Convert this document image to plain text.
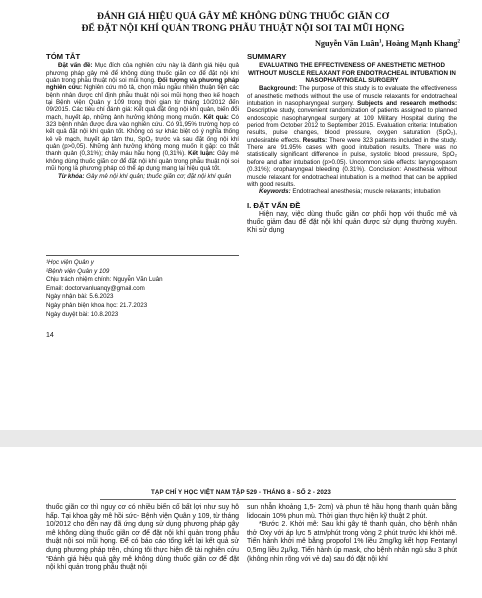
ĐÁNH GIÁ HIỆU QUẢ GÂY MÊ KHÔNG DÙNG THUỐC GIÃN CƠ

ĐỂ ĐẶT NỘI KHÍ QUẢN TRONG PHẪU THUẬT NỘI SOI TAI MŨI HỌNG

Nguyễn Văn Luân$^1$, Hoàng Mạnh Khang$^2$
TÓM TẮT

Đặt vấn đề: Mục đích của nghiên cứu này là đánh giá hiệu quả phương pháp gây mê để không dùng thuốc giãn cơ để đặt nội khí quản trong phẫu thuật nội soi mũi họng. Đối tượng và phương pháp nghiên cứu: Nghiên cứu mô tả, chọn mẫu ngẫu nhiên thuận tiện các bệnh nhân được chỉ định phẫu thuật nội soi mũi họng theo kế hoạch tại Bệnh viện Quân y 109 trong thời gian từ tháng 10/2012 đến 09/2015. Các tiêu chí đánh giá: Kết quả đặt ống nội khí quản, biến đổi mạch, huyết áp, những ảnh hưởng không mong muốn. Kết quả: Có 323 bệnh nhân được đưa vào nghiên cứu. Có 91,95% trường hợp có kết quả đặt nội khí quản tốt. Không có sự khác biệt có ý nghĩa thống kê về mạch, huyết áp tâm thu, SpO₂ trước và sau đặt ống nội khí quản (p>0,05). Những ảnh hưởng không mong muốn ít gặp: co thắt thanh quản (0,31%); chảy máu hầu họng (0,31%). Kết luận: Gây mê không dùng thuốc giãn cơ để đặt nội khí quản trong phẫu thuật nội soi mũi họng là phương pháp có thể áp dụng mang lại hiệu quả tốt.

Từ khóa: Gây mê nội khí quản; thuốc giãn cơ; đặt nội khí quản

SUMMARY

EVALUATING THE EFFECTIVENESS OF ANESTHETIC METHOD WITHOUT MUSCLE RELAXANT FOR ENDOTRACHEAL INTUBATION IN NASOPHARYNGEAL SURGERY

Background: The purpose of this study is to evaluate the effectiveness of anesthetic methods without the use of muscle relaxants for endotracheal intubation in nasopharyngeal surgery. Subjects and research methods: Descriptive study, convenient randomization of patients assigned to planned endoscopic nasopharyngeal surgery at 109 Military Hospital during the period from October 2012 to September 2015. Evaluation criteria: Intubation results, pulse changes, blood pressure, oxygen saturation (SpO₂), undesirable effects. Results: There were 323 patients included in the study. There are 91.95% cases with good intubation results. There was no statistically significant difference in pulse, systolic blood pressure, SpO₂ before and after intubation (p>0.05). Uncommon side effects: laryngospasm (0.31%); oropharyngeal bleeding (0.31%). Conclusion: Anesthesia without muscle relaxant for endotracheal intubation is a method that can be applied with good results.

Keywords: Endotracheal anesthesia; muscle relaxants; intubation

I. ĐẶT VẤN ĐỀ

Hiện nay, việc dùng thuốc giãn cơ phối hợp với thuốc mê và thuốc giảm đau để đặt nội khí quản được sử dụng thường xuyên. Khi sử dụng

¹Học viện Quân y
²Bệnh viện Quân y 109
Chịu trách nhiệm chính: Nguyễn Văn Luân
Email: doctorvanluanqy@gmail.com
Ngày nhận bài: 5.6.2023
Ngày phản biện khoa học: 21.7.2023
Ngày duyệt bài: 10.8.2023
14
TẠP CHÍ Y HỌC VIỆT NAM TẬP 529 - THÁNG 8 - SỐ 2 - 2023

thuốc giãn cơ thì nguy cơ có nhiều biến cố bất lợi như suy hô hấp. Tại khoa gây mê hồi sức- Bệnh viện Quân y 109, từ tháng 10/2012 cho đến nay đã ứng dụng sử dụng phương pháp gây mê không dùng thuốc giãn cơ để đặt nội khí quản trong phẫu thuật nội soi mũi họng. Để có báo cáo tổng kết lại kết quả sử dụng phương pháp trên, chúng tôi thực hiện đề tài nghiên cứu “Đánh giá hiệu quả gây mê không dùng thuốc giãn cơ để đặt nội khí quản trong phẫu thuật nội

sun nhẫn khoảng 1,5- 2cm) và phun tê hầu họng thanh quản bằng lidocain 10% phun mù. Thời gian thực hiện kỹ thuật 2 phút.

*Bước 2. Khởi mê: Sau khi gây tê thanh quản, cho bệnh nhân thở Oxy với áp lực 5 atm/phút trong vòng 2 phút trước khi khởi mê. Tiến hành khởi mê bằng propofol 1% liều 2mg/kg kết hợp Fentanyl 0,5mg liều 2µ/kg. Tiến hành úp mask, cho bệnh nhân ngủ sâu 3 phút (không nhìn rõng với vẻ da) sau đó đặt nội khí
